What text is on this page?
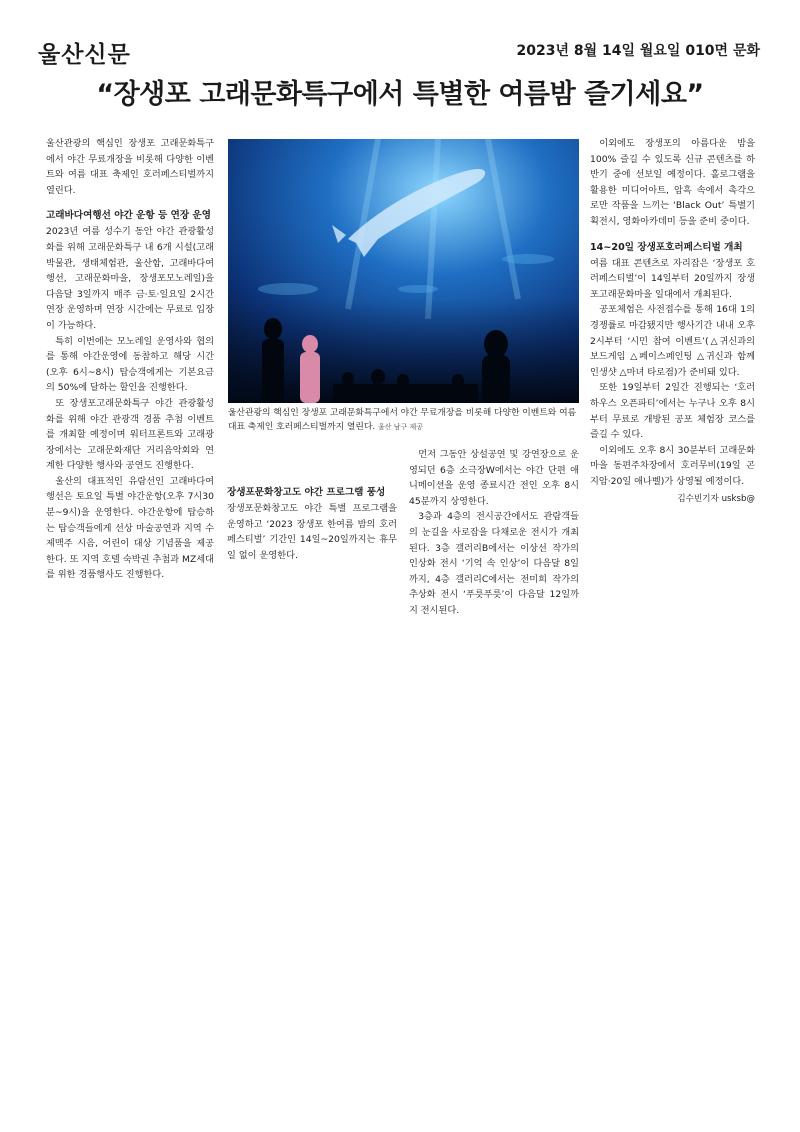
울산신문	2023년 8월 14일 월요일 010면 문화
“장생포 고래문화특구에서 특별한 여름밤 즐기세요”

울산관광의 핵심인 장생포 고래문화특구에서 야간 무료개장을 비롯해 다양한 이벤트와 여름 대표 축제인 호러페스티벌까지 열린다.

고래바다여행선 야간 운항 등 연장 운영

2023년 여름 성수기 동안 야간 관광활성화를 위해 고래문화특구 내 6개 시설(고래박물관, 생태체험관, 울산함, 고래바다여행선, 고래문화마을, 장생포모노레일)을 다음달 3일까지 매주 금·토·일요일 2시간 연장 운영하며 연장 시간에는 무료로 입장이 가능하다.

특히 이번에는 모노레일 운영사와 협의를 통해 야간운영에 동참하고 해당 시간(오후 6시~8시) 탑승객에게는 기본요금의 50%에 달하는 할인을 진행한다.

또 장생포고래문화특구 야간 관광활성화를 위해 야간 관광객 경품 추첨 이벤트를 개최할 예정이며 워터프론트와 고래광장에서는 고래문화재단 거리음악회와 연계한 다양한 행사와 공연도 진행한다.

울산의 대표적인 유람선인 고래바다여행선은 토요일 특별 야간운항(오후 7시30분~9시)을 운영한다. 야간운항에 탑승하는 탑승객들에게 선상 마술공연과 지역 수제맥주 시음, 어린이 대상 기념품을 제공한다. 또 지역 호텔 숙박권 추첨과 MZ세대를 위한 경품행사도 진행한다.

울산관광의 핵심인 장생포 고래문화특구에서 야간 무료개장을 비롯해 다양한 이벤트와 여름 대표 축제인 호러페스티벌까지 열린다. 울산 남구 제공
장생포문화창고도 야간 프로그램 풍성

장생포문화창고도 야간 특별 프로그램을 운영하고 ‘2023 장생포 한여름 밤의 호러페스티벌’ 기간인 14일~20일까지는 휴무일 없이 운영한다.

먼저 그동안 상설공연 및 강연장으로 운영되던 6층 소극장W에서는 야간 단편 애니메이션을 운영 종료시간 전인 오후 8시 45분까지 상영한다.

3층과 4층의 전시공간에서도 관람객들의 눈길을 사로잡을 다채로운 전시가 개최된다. 3층 갤러리B에서는 이상선 작가의 인상화 전시 ‘기억 속 인상’이 다음달 8일까지, 4층 갤러리C에서는 전미희 작가의 추상화 전시 ‘푸릇푸릇’이 다음달 12일까지 전시된다.

이외에도 장생포의 아름다운 밤을 100% 즐길 수 있도록 신규 콘텐츠를 하반기 중에 선보일 예정이다. 홀로그램을 활용한 미디어아트, 암흑 속에서 촉각으로만 작품을 느끼는 ‘Black Out’ 특별기획전시, 영화아카데미 등을 준비 중이다.

14~20일 장생포호러페스티벌 개최

여름 대표 콘텐츠로 자리잡은 ‘장생포 호러페스티벌’이 14일부터 20일까지 장생포고래문화마을 일대에서 개최된다.

공포체험은 사전접수를 통해 16대 1의 경쟁률로 마감됐지만 행사기간 내내 오후 2시부터 ‘시민 참여 이벤트’(△귀신과의 보드게임 △페이스페인팅 △귀신과 함께 인생샷 △마녀 타로점)가 준비돼 있다.

또한 19일부터 2일간 진행되는 ‘호러하우스 오픈파티’에서는 누구나 오후 8시부터 무료로 개방된 공포 체험장 코스를 즐길 수 있다.

이외에도 오후 8시 30분부터 고래문화마을 동편주차장에서 호러무비(19일 곤지암·20일 애나벨)가 상영될 예정이다.

김수빈기자 usksb@
